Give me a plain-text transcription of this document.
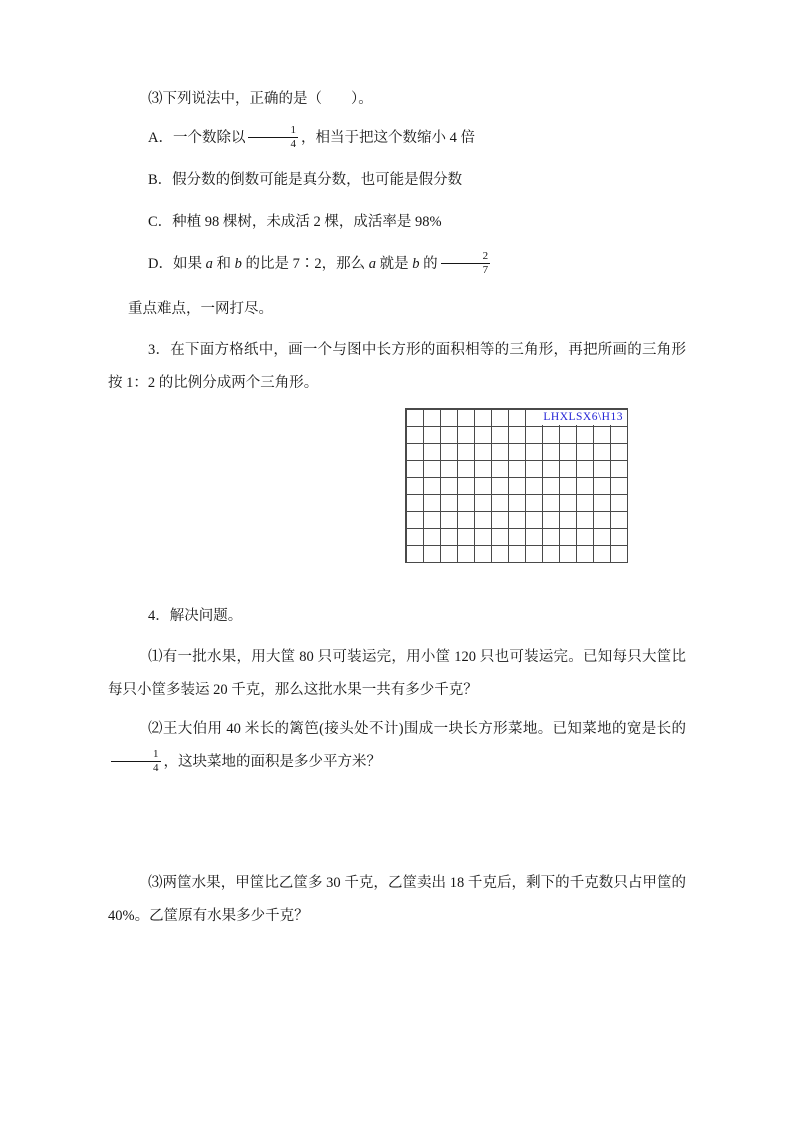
⑶下列说法中，正确的是（　　）。
A．一个数除以 $\frac{1}{4}$ ，相当于把这个数缩小 4 倍
B．假分数的倒数可能是真分数，也可能是假分数
C．种植 98 棵树，未成活 2 棵，成活率是 98%
D．如果 a 和 b 的比是 7∶2，那么 a 就是 b 的 $\frac{2}{7}$
重点难点，一网打尽。
3．在下面方格纸中，画一个与图中长方形的面积相等的三角形，再把所画的三角形按 1：2 的比例分成两个三角形。
LHXLSX6\H13
4．解决问题。
⑴有一批水果，用大筐 80 只可装运完，用小筐 120 只也可装运完。已知每只大筐比每只小筐多装运 20 千克，那么这批水果一共有多少千克？
⑵王大伯用 40 米长的篱笆(接头处不计)围成一块长方形菜地。已知菜地的宽是长的
$\frac{1}{4}$ ，这块菜地的面积是多少平方米？
⑶两筐水果，甲筐比乙筐多 30 千克，乙筐卖出 18 千克后，剩下的千克数只占甲筐的 40%。乙筐原有水果多少千克？
